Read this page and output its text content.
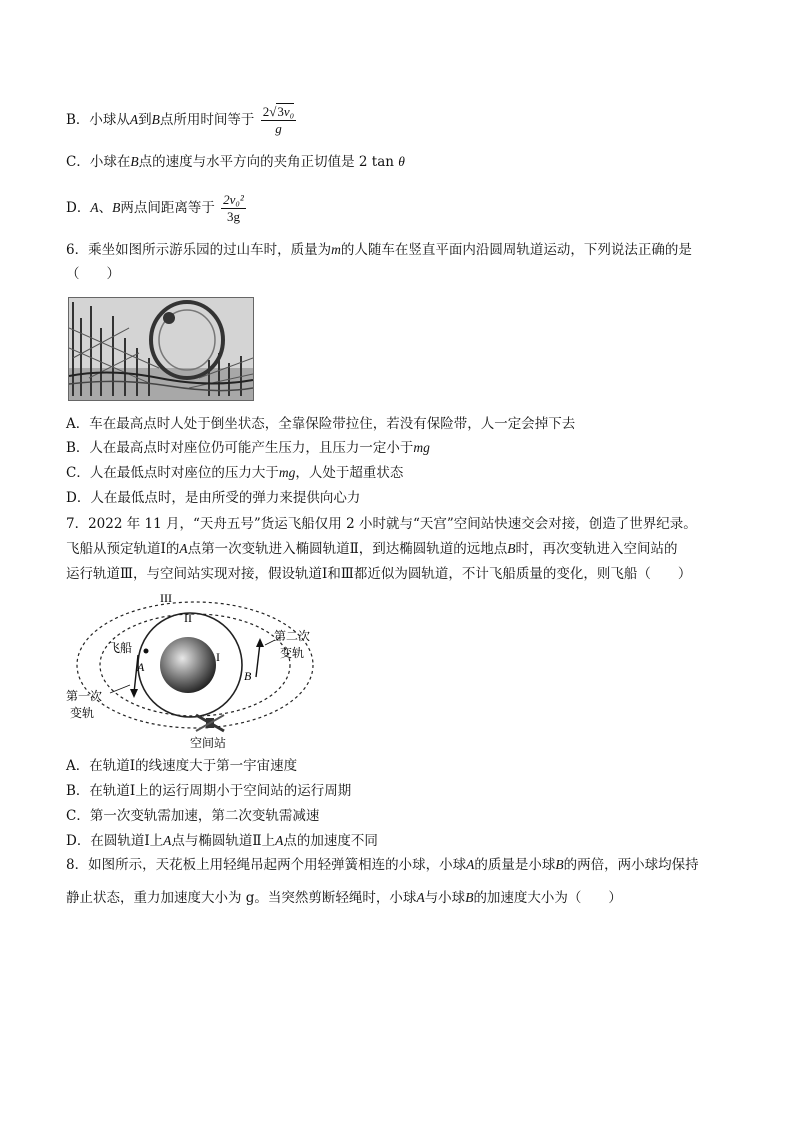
B．小球从A到B点所用时间等于 $\frac{\text{2√3v₀}}{g}$
C．小球在B点的速度与水平方向的夹角正切值是 2 tan θ
D．A、B两点间距离等于 $\frac{\text{2v₀²}}{3g}$
6．乘坐如图所示游乐园的过山车时，质量为m的人随车在竖直平面内沿圆周轨道运动，下列说法正确的是
（　　）
A．车在最高点时人处于倒坐状态，全靠保险带拉住，若没有保险带，人一定会掉下去
B．人在最高点时对座位仍可能产生压力，且压力一定小于mg
C．人在最低点时对座位的压力大于mg，人处于超重状态
D．人在最低点时，是由所受的弹力来提供向心力
7．2022 年 11 月，“天舟五号”货运飞船仅用 2 小时就与“天宫”空间站快速交会对接，创造了世界纪录。
飞船从预定轨道Ⅰ的A点第一次变轨进入椭圆轨道Ⅱ，到达椭圆轨道的远地点B时，再次变轨进入空间站的
运行轨道Ⅲ，与空间站实现对接，假设轨道Ⅰ和Ⅲ都近似为圆轨道，不计飞船质量的变化，则飞船（　　）
III
II
I
飞船
A
B
第二次
变轨
第一次
变轨
空间站
A．在轨道Ⅰ的线速度大于第一宇宙速度
B．在轨道Ⅰ上的运行周期小于空间站的运行周期
C．第一次变轨需加速，第二次变轨需减速
D．在圆轨道Ⅰ上A点与椭圆轨道Ⅱ上A点的加速度不同
8．如图所示，天花板上用轻绳吊起两个用轻弹簧相连的小球，小球A的质量是小球B的两倍，两小球均保持
静止状态，重力加速度大小为 g。当突然剪断轻绳时，小球A与小球B的加速度大小为（　　）
